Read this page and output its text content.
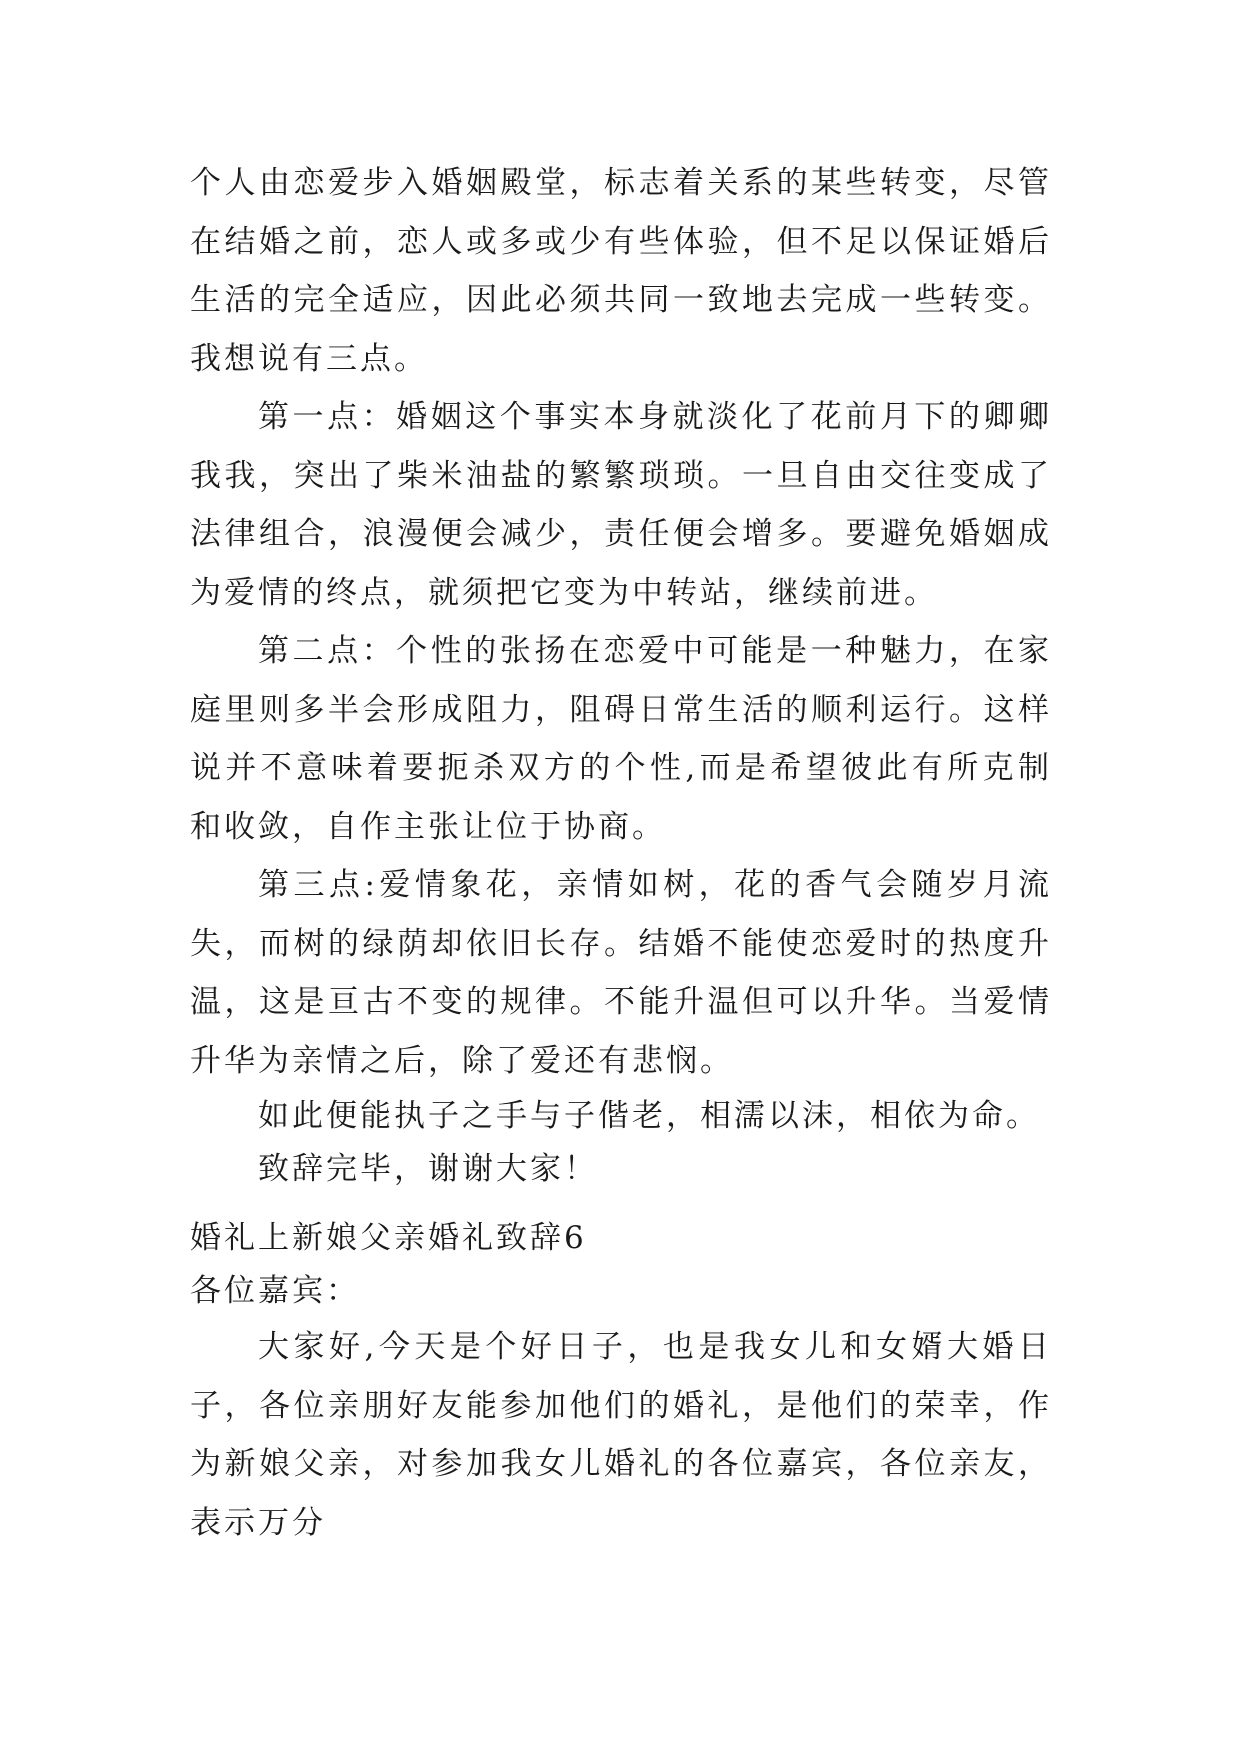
个人由恋爱步入婚姻殿堂，标志着关系的某些转变，尽管在结婚之前，恋人或多或少有些体验，但不足以保证婚后生活的完全适应，因此必须共同一致地去完成一些转变。我想说有三点。

第一点：婚姻这个事实本身就淡化了花前月下的卿卿我我，突出了柴米油盐的繁繁琐琐。一旦自由交往变成了法律组合，浪漫便会减少，责任便会增多。要避免婚姻成为爱情的终点，就须把它变为中转站，继续前进。

第二点：个性的张扬在恋爱中可能是一种魅力，在家庭里则多半会形成阻力，阻碍日常生活的顺利运行。这样说并不意味着要扼杀双方的个性,而是希望彼此有所克制和收敛，自作主张让位于协商。

第三点:爱情象花，亲情如树，花的香气会随岁月流失，而树的绿荫却依旧长存。结婚不能使恋爱时的热度升温，这是亘古不变的规律。不能升温但可以升华。当爱情升华为亲情之后，除了爱还有悲悯。

如此便能执子之手与子偕老，相濡以沫，相依为命。

致辞完毕，谢谢大家！

婚礼上新娘父亲婚礼致辞6

各位嘉宾：

大家好,今天是个好日子，也是我女儿和女婿大婚日子，各位亲朋好友能参加他们的婚礼，是他们的荣幸，作为新娘父亲，对参加我女儿婚礼的各位嘉宾，各位亲友，表示万分
